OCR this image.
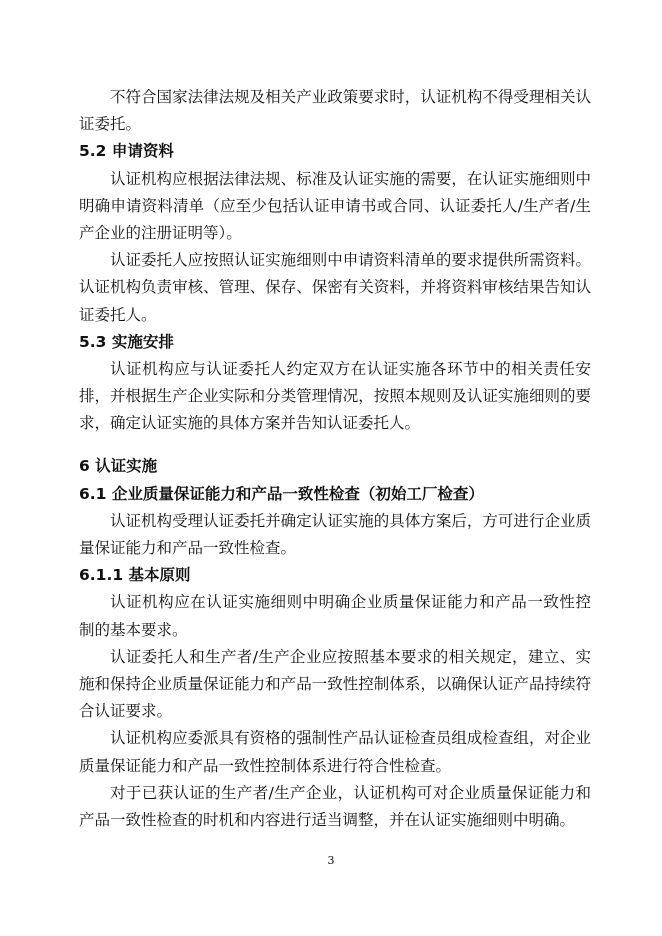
不符合国家法律法规及相关产业政策要求时，认证机构不得受理相关认
证委托。
5.2 申请资料
认证机构应根据法律法规、标准及认证实施的需要，在认证实施细则中
明确申请资料清单（应至少包括认证申请书或合同、认证委托人/生产者/生
产企业的注册证明等）。
认证委托人应按照认证实施细则中申请资料清单的要求提供所需资料。
认证机构负责审核、管理、保存、保密有关资料，并将资料审核结果告知认
证委托人。
5.3 实施安排
认证机构应与认证委托人约定双方在认证实施各环节中的相关责任安
排，并根据生产企业实际和分类管理情况，按照本规则及认证实施细则的要
求，确定认证实施的具体方案并告知认证委托人。
6 认证实施
6.1 企业质量保证能力和产品一致性检查（初始工厂检查）
认证机构受理认证委托并确定认证实施的具体方案后，方可进行企业质
量保证能力和产品一致性检查。
6.1.1 基本原则
认证机构应在认证实施细则中明确企业质量保证能力和产品一致性控
制的基本要求。
认证委托人和生产者/生产企业应按照基本要求的相关规定，建立、实
施和保持企业质量保证能力和产品一致性控制体系，以确保认证产品持续符
合认证要求。
认证机构应委派具有资格的强制性产品认证检查员组成检查组，对企业
质量保证能力和产品一致性控制体系进行符合性检查。
对于已获认证的生产者/生产企业，认证机构可对企业质量保证能力和
产品一致性检查的时机和内容进行适当调整，并在认证实施细则中明确。
3
